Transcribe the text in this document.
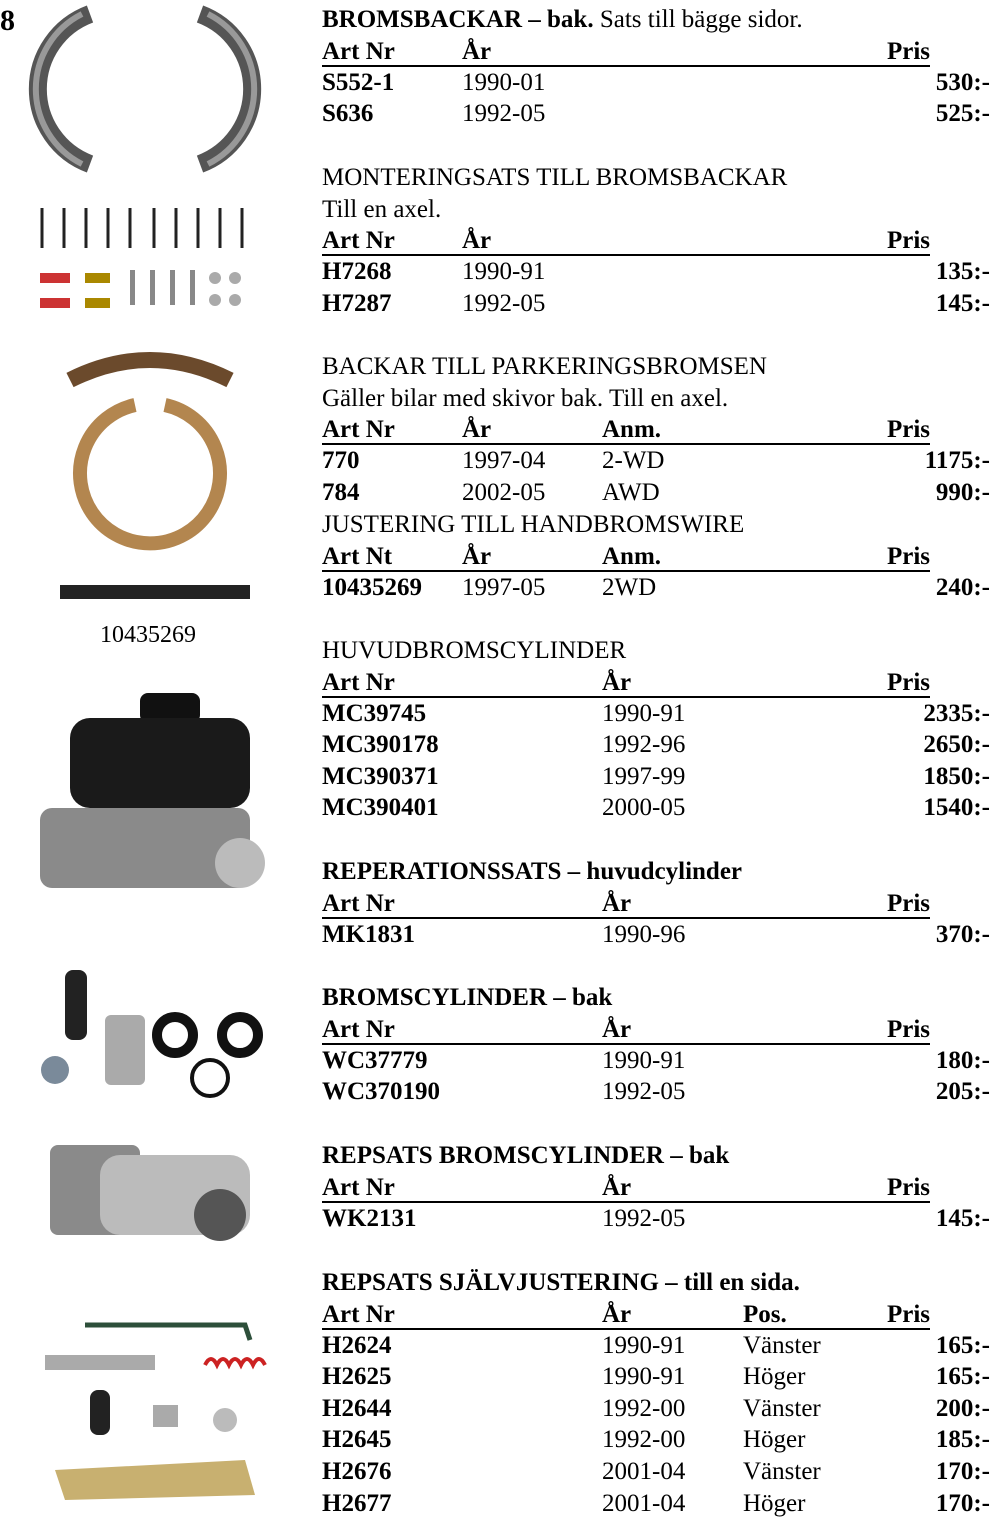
8
10435269
BROMSBACKAR – bak. Sats till bägge sidor.
Art Nr	År	Pris
S552-1	1990-01	530:-
S636	1992-05	525:-
MONTERINGSATS TILL BROMSBACKAR
Till en axel.
Art Nr	År	Pris
H7268	1990-91	135:-
H7287	1992-05	145:-
BACKAR TILL PARKERINGSBROMSEN
Gäller bilar med skivor bak. Till en axel.
Art Nr	År	Anm.	Pris
770	1997-04 2-WD	1175:-
784	2002-05 AWD	990:-
JUSTERING TILL HANDBROMSWIRE
Art Nt	År	Anm.	Pris
10435269 1997-05 2WD	240:-
HUVUDBROMSCYLINDER
Art Nr	År	Pris
MC39745	1990-91	2335:-
MC390178	1992-96	2650:-
MC390371	1997-99	1850:-
MC390401	2000-05	1540:-
REPERATIONSSATS – huvudcylinder
Art Nr	År	Pris
MK1831	1990-96	370:-
BROMSCYLINDER – bak
Art Nr	År	Pris
WC37779	1990-91	180:-
WC370190	1992-05	205:-
REPSATS BROMSCYLINDER – bak
Art Nr	År	Pris
WK2131	1992-05	145:-
REPSATS SJÄLVJUSTERING – till en sida.
Art Nr	År	Pos.	Pris
H2624	1990-91 Vänster	165:-
H2625	1990-91 Höger	165:-
H2644	1992-00 Vänster	200:-
H2645	1992-00 Höger	185:-
H2676	2001-04 Vänster	170:-
H2677	2001-04 Höger	170:-
